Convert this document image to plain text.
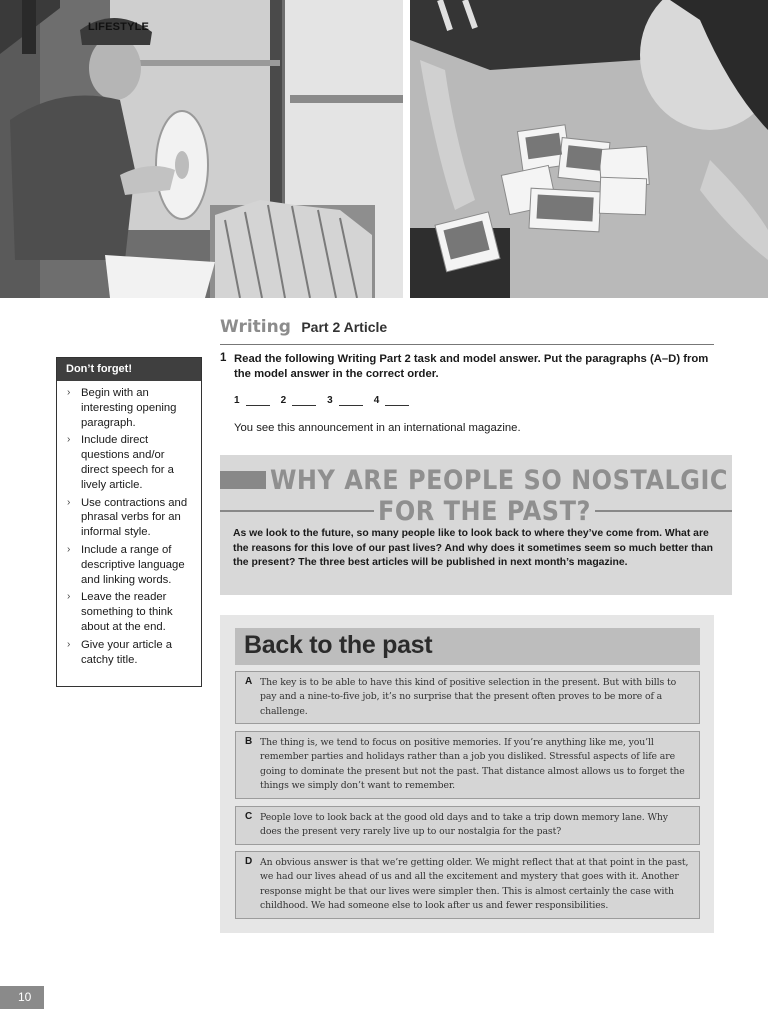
LIFESTYLE
Writing Part 2 Article
Don’t forget!
› Begin with an interesting opening paragraph.
› Include direct questions and/or direct speech for a lively article.
› Use contractions and phrasal verbs for an informal style.
› Include a range of descriptive language and linking words.
› Leave the reader something to think about at the end.
› Give your article a catchy title.
1 Read the following Writing Part 2 task and model answer. Put the paragraphs (A–D) from the model answer in the correct order.
1	2	3	4
You see this announcement in an international magazine.
WHY ARE PEOPLE SO NOSTALGIC
FOR THE PAST?
As we look to the future, so many people like to look back to where they’ve come from. What are the reasons for this love of our past lives? And why does it sometimes seem so much better than the present? The three best articles will be published in next month’s magazine.
Back to the past
A The key is to be able to have this kind of positive selection in the present. But with bills to pay and a nine-to-five job, it’s no surprise that the present often proves to be more of a challenge.
B The thing is, we tend to focus on positive memories. If you’re anything like me, you’ll remember parties and holidays rather than a job you disliked. Stressful aspects of life are going to dominate the present but not the past. That distance almost allows us to forget the things we simply don’t want to remember.
C People love to look back at the good old days and to take a trip down memory lane. Why does the present very rarely live up to our nostalgia for the past?
D An obvious answer is that we’re getting older. We might reflect that at that point in the past, we had our lives ahead of us and all the excitement and mystery that goes with it. Another response might be that our lives were simpler then. This is almost certainly the case with childhood. We had someone else to look after us and fewer responsibilities.
10
